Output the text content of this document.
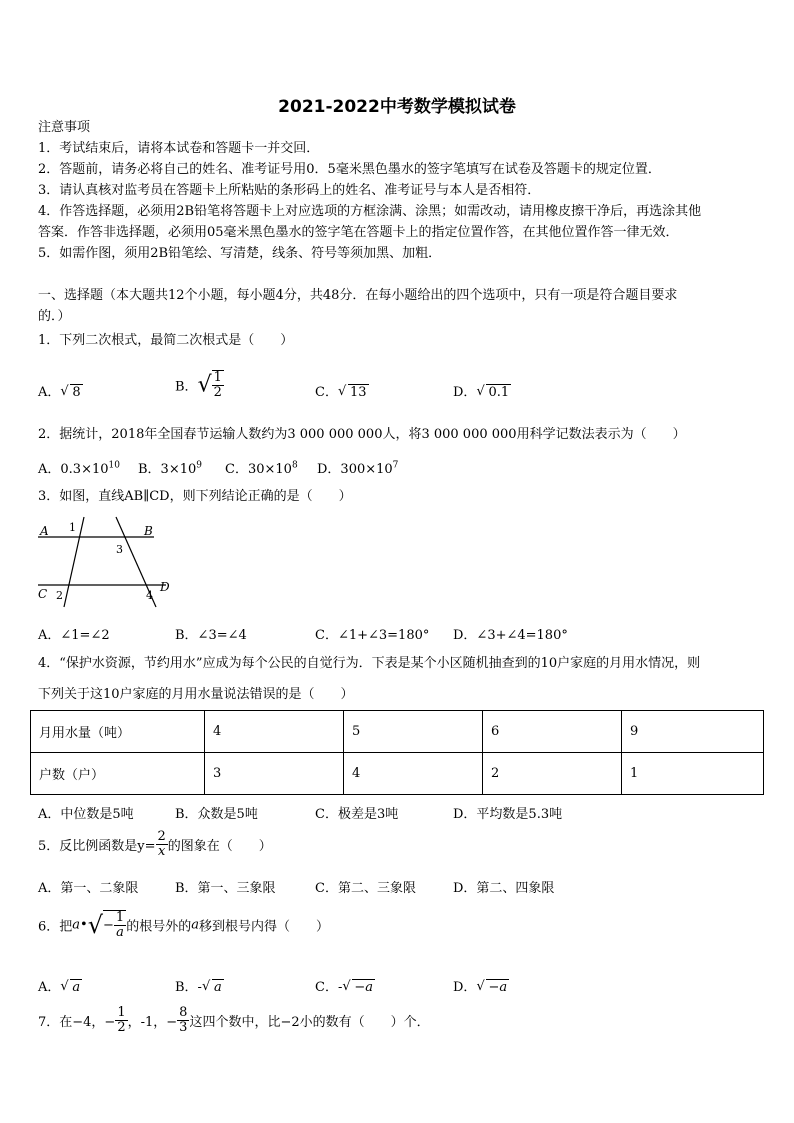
2021-2022中考数学模拟试卷
注意事项
1．考试结束后，请将本试卷和答题卡一并交回．
2．答题前，请务必将自己的姓名、准考证号用0．5毫米黑色墨水的签字笔填写在试卷及答题卡的规定位置．
3．请认真核对监考员在答题卡上所粘贴的条形码上的姓名、准考证号与本人是否相符．
4．作答选择题，必须用2B铅笔将答题卡上对应选项的方框涂满、涂黑；如需改动，请用橡皮擦干净后，再选涂其他
答案．作答非选择题，必须用05毫米黑色墨水的签字笔在答题卡上的指定位置作答，在其他位置作答一律无效．
5．如需作图，须用2B铅笔绘、写清楚，线条、符号等须加黑、加粗．
一、选择题（本大题共12个小题，每小题4分，共48分．在每小题给出的四个选项中，只有一项是符合题目要求
的．）
1．下列二次根式，最简二次根式是（　　）
A． √ 8	B．√ $\frac{1}{2}$	C． √ 13	D． √ 0.1
2．据统计，2018年全国春节运输人数约为3 000 000 000人，将3 000 000 000用科学记数法表示为（　　）
A．$0.3\times 10^{10}$ B．$3\times 10^9$ C．$30\times 10^8$ D．$300\times 10^7$
3．如图，直线AB∥CD，则下列结论正确的是（　　）
A	B
C	D
1
2
3
4
A．∠1=∠2	B．∠3=∠4	C．∠1+∠3=180° D．∠3+∠4=180°
4．“保护水资源，节约用水”应成为每个公民的自觉行为．下表是某个小区随机抽查到的10户家庭的月用水情况，则
下列关于这10户家庭的月用水量说法错误的是（　　）
月用水量（吨）	4	5	6	9
户数（户）	3	4	2	1
A．中位数是5吨	B．众数是5吨	C．极差是3吨	D．平均数是5.3吨
5．反比例函数是$y= \frac{2}{x}$ 的图象在（　　）
A．第一、二象限	B．第一、三象限	C．第二、三象限	D．第二、四象限
6．把a•√− $\frac{1}{a}$ 的根号外的a移到根号内得（　　）
A． √ a	B．- √ a	C．- √ −a	D． √ −a
7．在−4，− $\frac{1}{2}$ ，-1，− $\frac{8}{3}$ 这四个数中，比−2小的数有（　　）个．
